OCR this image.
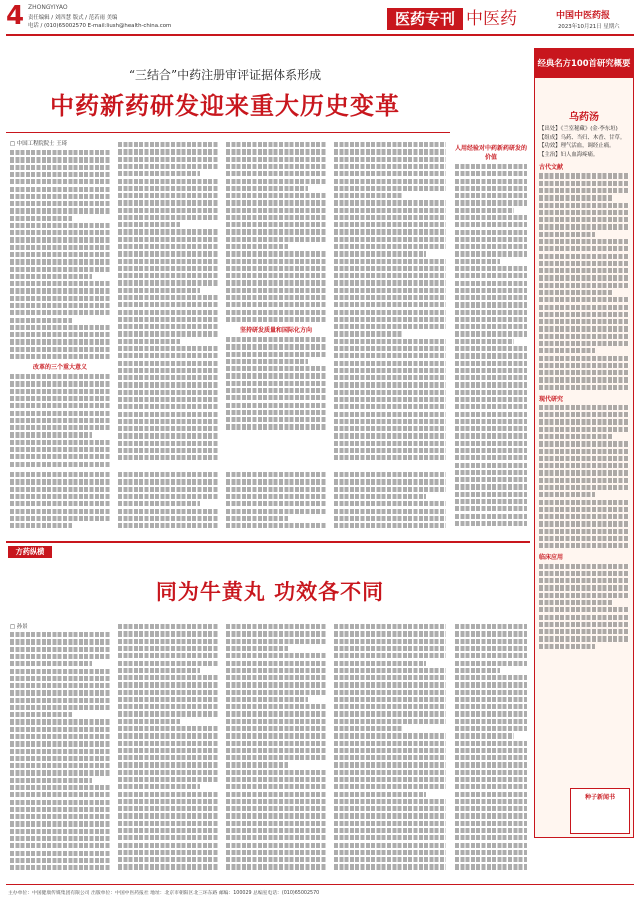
4 ZHONGYIYAO
责任编辑 / 刘四慧 版式 / 范若雨 美编
电话 / (010)65002570 E-mail:liush@health-china.com	医药专刊 中医药	中国中医药报
2023年10月21日 星期六
“三结合”中药注册审评证据体系形成
中药新药研发迎来重大历史变革
□ 中国工程院院士 王琦
改革的三个重大意义
坚持研发质量和国际化方向
经典名方100首研究概要
乌药汤
【出处】《兰室秘藏》(金·李东垣)
【组成】乌药、当归、木香、甘草。
【功效】理气活血，调经止痛。
【主治】妇人血海疼痛。
古代文献
现代研究
临床应用
种子新闻书
方药纵横
同为牛黄丸 功效各不同
□ 孙景
人用经验对中药新药研发的价值
主办单位：中国健康传媒集团有限公司 出版单位：中国中医药报社 地址：北京市朝阳区北三环东路 邮编：100029 总编室电话：(010)65002570
